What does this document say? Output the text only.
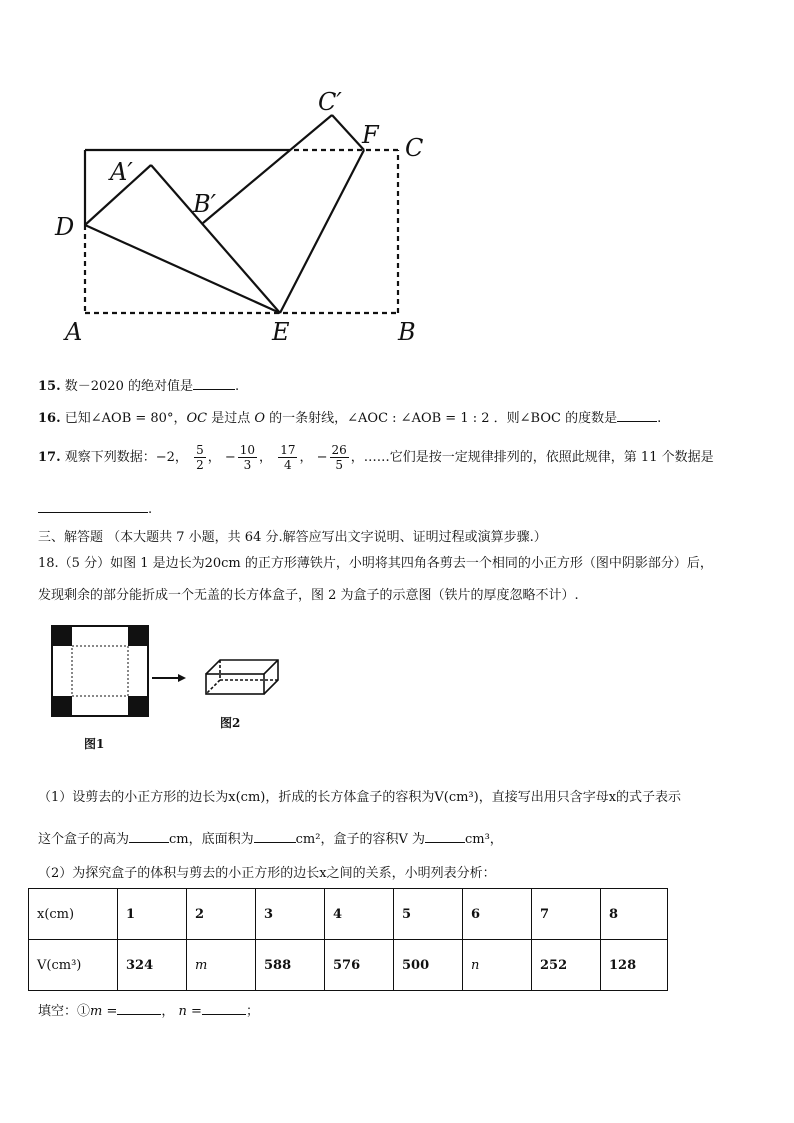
C′
F C
A′
B′
D
A	E	B
15. 数－2020 的绝对值是	.
16. 已知∠AOB = 80°，OC 是过点 O 的一条射线，∠AOC : ∠AOB = 1 : 2 ．则∠BOC 的度数是	.
17. 观察下列数据：−2， $\frac{5}{2}$ ， − $\frac{10}{3}$ ， $\frac{17}{4}$ ， − $\frac{26}{5}$ ，……它们是按一定规律排列的，依照此规律，第 11 个数据是
.
三、解答题 （本大题共 7 小题，共 64 分.解答应写出文字说明、证明过程或演算步骤.）
18.（5 分）如图 1 是边长为20cm 的正方形薄铁片，小明将其四角各剪去一个相同的小正方形（图中阴影部分）后，
发现剩余的部分能折成一个无盖的长方体盒子，图 2 为盒子的示意图（铁片的厚度忽略不计）.
图1
图2
（1）设剪去的小正方形的边长为x(cm)，折成的长方体盒子的容积为V(cm³)，直接写出用只含字母x的式子表示
这个盒子的高为	cm，底面积为	cm²，盒子的容积V 为	cm³，
（2）为探究盒子的体积与剪去的小正方形的边长x之间的关系，小明列表分析：
x(cm)	1	2	3	4	5	6	7	8
V(cm³)	324	m	588	576	500	n	252	128
填空：①m =	， n =	；
